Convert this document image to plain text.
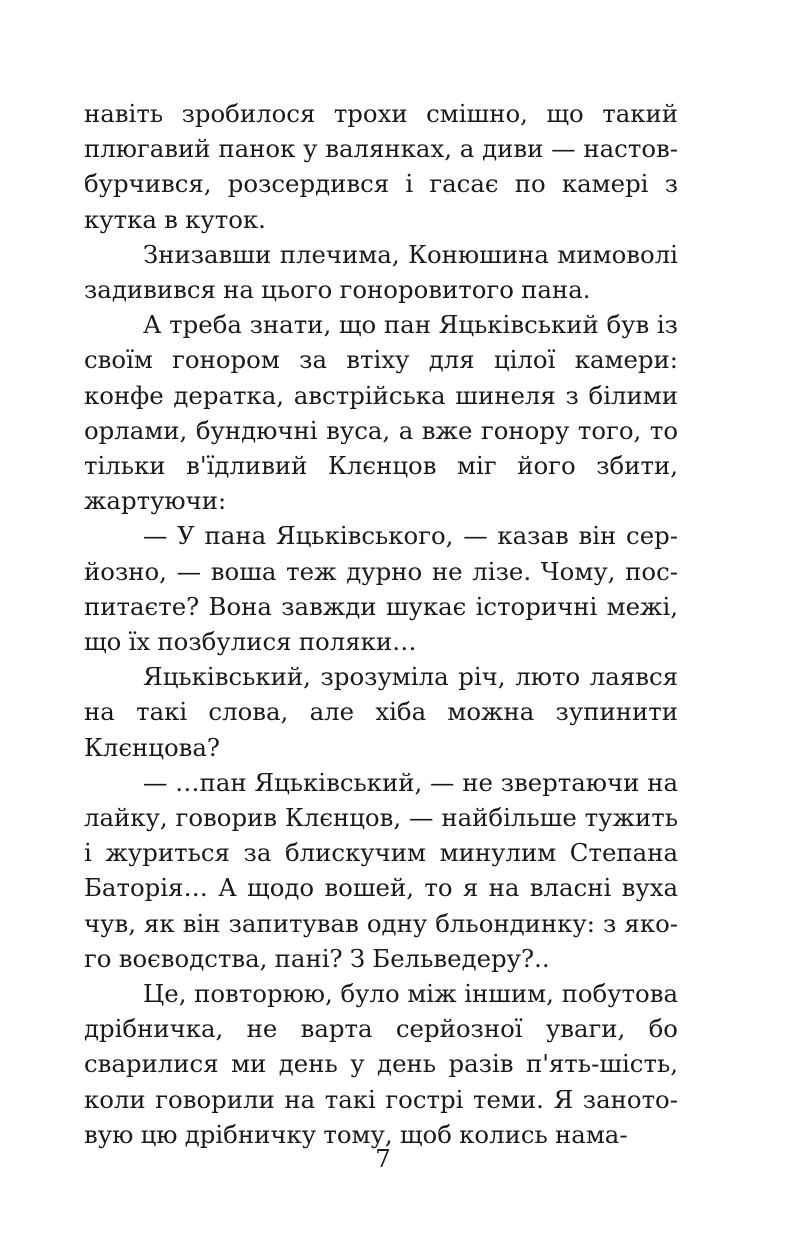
навіть зробилося трохи смішно, що такий плюгавий панок у валянках, а диви — настовбурчився, розсердився і гасає по камері з кутка в куток.

Знизавши плечима, Конюшина мимоволі задивився на цього гоноровитого пана.

А треба знати, що пан Яцьківський був із своїм гонором за втіху для цілої камери: конфе дератка, австрійська шинеля з білими орлами, бундючні вуса, а вже гонору того, то тільки в'їдливий Клєнцов міг його збити, жартуючи:

— У пана Яцьківського, — казав він серйозно, — воша теж дурно не лізе. Чому, поспитаєте? Вона завжди шукає історичні межі, що їх позбулися поляки…

Яцьківський, зрозуміла річ, люто лаявся на такі слова, але хіба можна зупинити Клєнцова?

— …пан Яцьківський, — не звертаючи на лайку, говорив Клєнцов, — найбільше тужить і журиться за блискучим минулим Степана Баторія… А щодо вошей, то я на власні вуха чув, як він запитував одну бльондинку: з якого воєводства, пані? З Бельведеру?..

Це, повторюю, було між іншим, побутова дрібничка, не варта серйозної уваги, бо сварилися ми день у день разів п'ять-шість, коли говорили на такі гострі теми. Я занотовую цю дрібничку тому, щоб колись нама-

7
